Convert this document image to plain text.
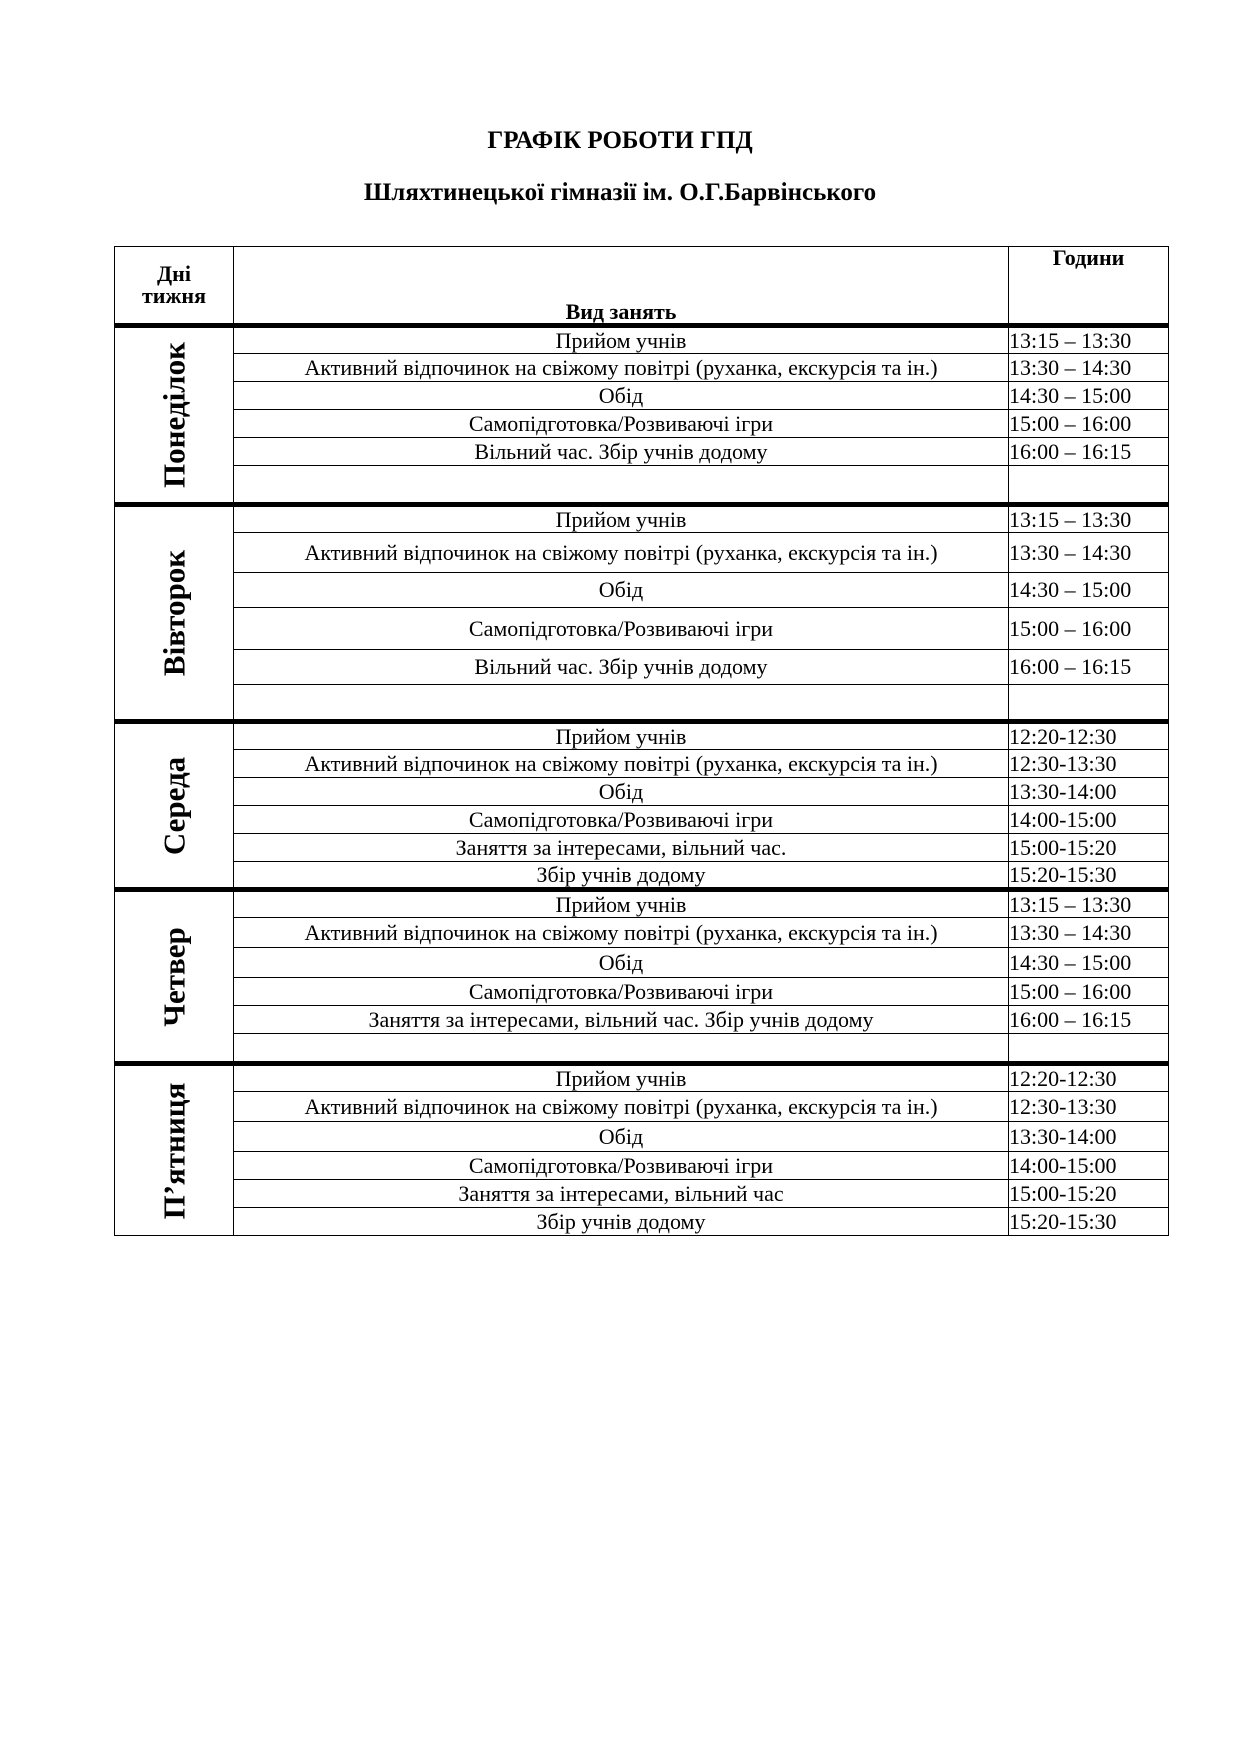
ГРАФІК РОБОТИ ГПД
Шляхтинецької гімназії ім. О.Г.Барвінського
Дні
тижня	Вид занять	Години

Понеділок	Прийом учнів	13:15 – 13:30
	Активний відпочинок на свіжому повітрі (руханка, екскурсія та ін.)	13:30 – 14:30
	Обід	14:30 – 15:00
	Самопідготовка/Розвиваючі ігри	15:00 – 16:00
	Вільний час. Збір учнів додому	16:00 – 16:15

Вівторок	Прийом учнів	13:15 – 13:30
	Активний відпочинок на свіжому повітрі (руханка, екскурсія та ін.)	13:30 – 14:30
	Обід	14:30 – 15:00
	Самопідготовка/Розвиваючі ігри	15:00 – 16:00
	Вільний час. Збір учнів додому	16:00 – 16:15

Середа	Прийом учнів	12:20-12:30
	Активний відпочинок на свіжому повітрі (руханка, екскурсія та ін.)	12:30-13:30
	Обід	13:30-14:00
	Самопідготовка/Розвиваючі ігри	14:00-15:00
	Заняття за інтересами, вільний час.	15:00-15:20
	Збір учнів додому	15:20-15:30

Четвер	Прийом учнів	13:15 – 13:30
	Активний відпочинок на свіжому повітрі (руханка, екскурсія та ін.)	13:30 – 14:30
	Обід	14:30 – 15:00
	Самопідготовка/Розвиваючі ігри	15:00 – 16:00
	Заняття за інтересами, вільний час. Збір учнів додому	16:00 – 16:15

П’ятниця	Прийом учнів	12:20-12:30
	Активний відпочинок на свіжому повітрі (руханка, екскурсія та ін.)	12:30-13:30
	Обід	13:30-14:00
	Самопідготовка/Розвиваючі ігри	14:00-15:00
	Заняття за інтересами, вільний час	15:00-15:20
	Збір учнів додому	15:20-15:30
